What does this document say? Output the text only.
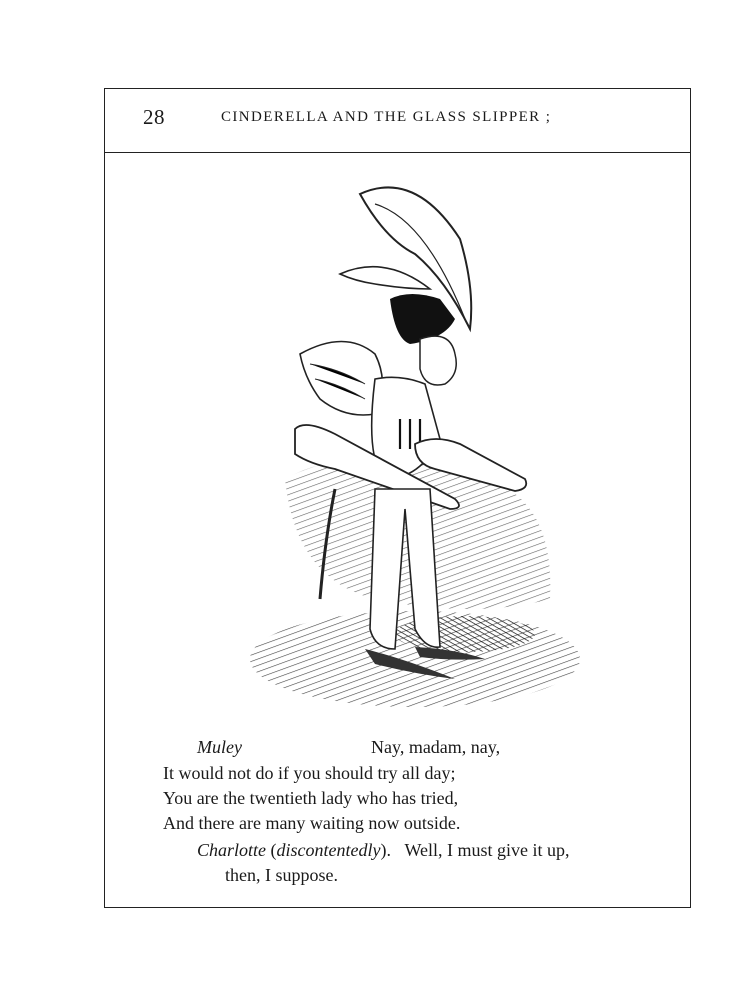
28	CINDERELLA AND THE GLASS SLIPPER ;
Muley	Nay, madam, nay,
It would not do if you should try all day;
You are the twentieth lady who has tried,
And there are many waiting now outside.
Charlotte (discontentedly). Well, I must give it up,
then, I suppose.
